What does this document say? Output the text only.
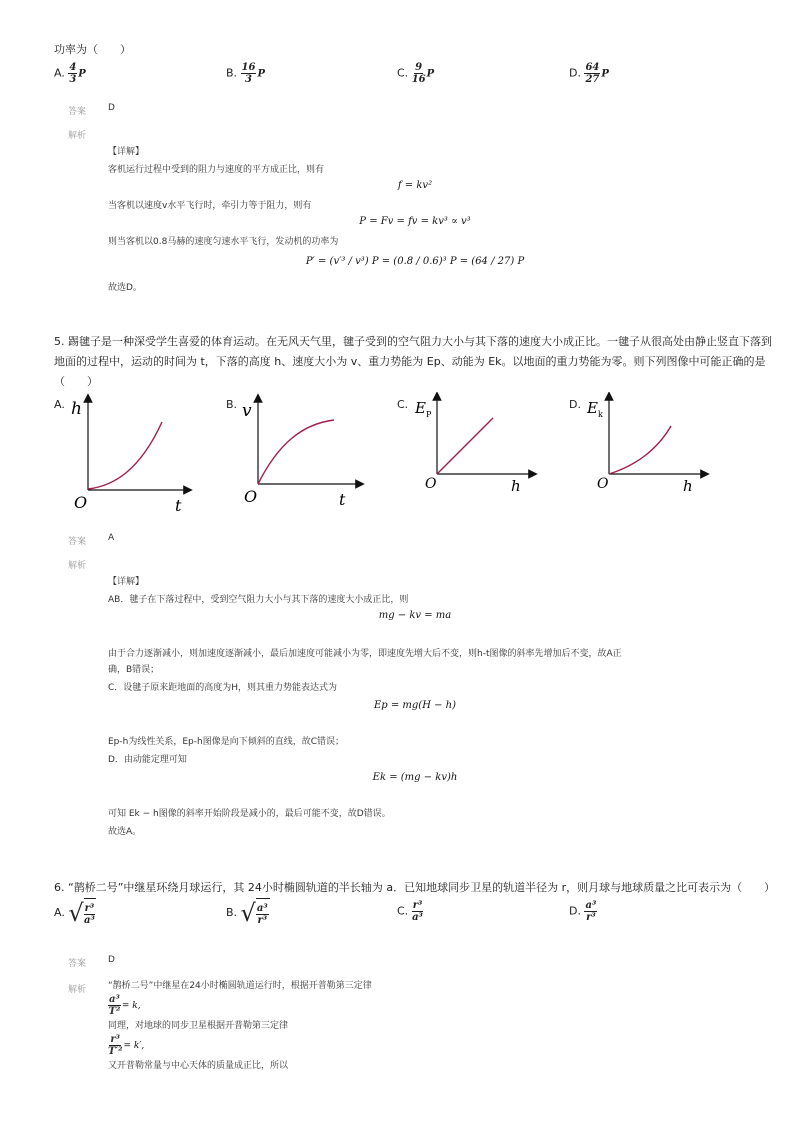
功率为（　　）
A. $\frac{4}{3}$ P	B. $\frac{16}{3}$ P	C. $\frac{9}{16}$ P	D. $\frac{64}{27}$ P
答案 D
解析
【详解】
客机运行过程中受到的阻力与速度的平方成正比，则有
f = kv²
当客机以速度v水平飞行时，牵引力等于阻力，则有
P = Fv = fv = kv³ ∝ v³
则当客机以0.8马赫的速度匀速水平飞行，发动机的功率为
P′ = (v′³ / v³) P = (0.8 / 0.6)³ P = (64 / 27) P
故选D。
5. 踢毽子是一种深受学生喜爱的体育运动。在无风天气里，毽子受到的空气阻力大小与其下落的速度大小成正比。一毽子从很高处由静止竖直下落到
地面的过程中，运动的时间为 t，下落的高度 h、速度大小为 v、重力势能为 Ep、动能为 Ek。以地面的重力势能为零。则下列图像中可能正确的是
（　　）
A. h
O	t
B. v
O	t
C. $E_P$
O	h
D. $E_k$
O	h
答案 A
解析
【详解】
AB．毽子在下落过程中，受到空气阻力大小与其下落的速度大小成正比，则
mg − kv = ma
由于合力逐渐减小，则加速度逐渐减小，最后加速度可能减小为零，即速度先增大后不变，则h-t图像的斜率先增加后不变，故A正
确，B错误；
C．设毽子原来距地面的高度为H，则其重力势能表达式为
Ep = mg(H − h)
Ep-h为线性关系，Ep-h图像是向下倾斜的直线，故C错误；
D．由动能定理可知
Ek = (mg − kv)h
可知 Ek − h图像的斜率开始阶段是减小的，最后可能不变，故D错误。
故选A。
6. “鹊桥二号”中继星环绕月球运行，其 24小时椭圆轨道的半长轴为 a．已知地球同步卫星的轨道半径为 r，则月球与地球质量之比可表示为（　　）
A. √ $\frac{\text{r³}}{\text{a³}}$	B. √ $\frac{\text{a³}}{\text{r³}}$	C. $\frac{\text{r³}}{\text{a³}}$	D. $\frac{\text{a³}}{\text{r³}}$
答案 D
解析 “鹊桥二号”中继星在24小时椭圆轨道运行时，根据开普勒第三定律
$\frac{\text{a³}}{\text{T²}} = k$,
同理，对地球的同步卫星根据开普勒第三定律
$\frac{\text{r³}}{\text{T′²}} = k'$,
又开普勒常量与中心天体的质量成正比，所以
